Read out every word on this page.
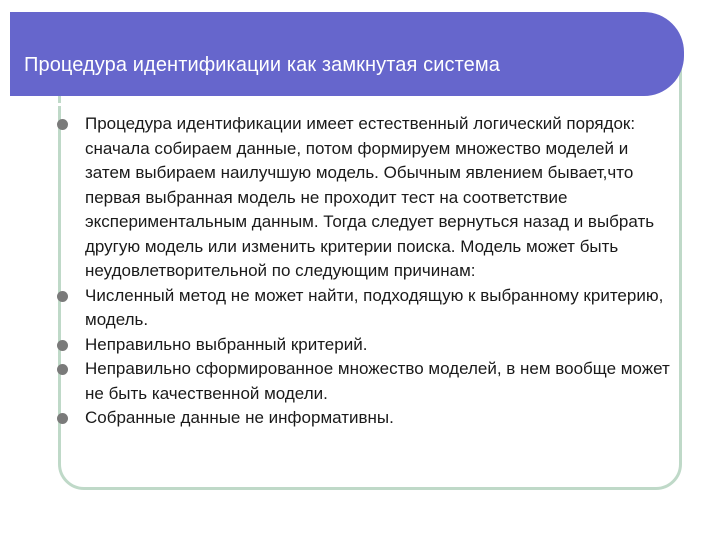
Процедура идентификации как замкнутая система
Процедура идентификации имеет естественный логический порядок: сначала собираем данные, потом формируем множество моделей и затем выбираем наилучшую модель. Обычным явлением бывает,что первая выбранная модель не проходит тест на соответствие экспериментальным данным. Тогда следует вернуться назад и выбрать другую модель или изменить критерии поиска. Модель может быть неудовлетворительной по следующим причинам:
Численный метод не может найти, подходящую к выбранному критерию, модель.
Неправильно выбранный критерий.
Неправильно сформированное множество моделей, в нем вообще может не быть качественной модели.
Собранные данные не информативны.
